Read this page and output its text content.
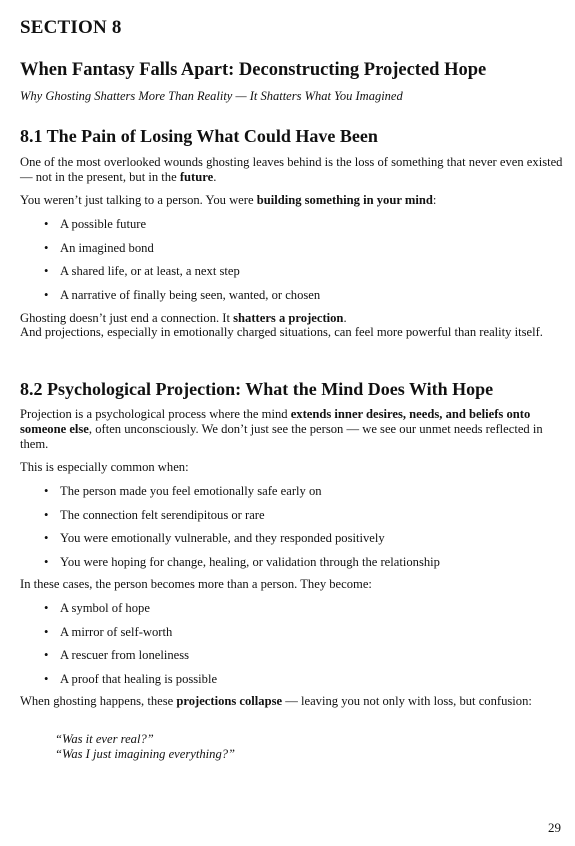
SECTION 8
When Fantasy Falls Apart: Deconstructing Projected Hope
Why Ghosting Shatters More Than Reality — It Shatters What You Imagined
8.1 The Pain of Losing What Could Have Been
One of the most overlooked wounds ghosting leaves behind is the loss of something that never even existed — not in the present, but in the future.
You weren’t just talking to a person. You were building something in your mind:
• A possible future
• An imagined bond
• A shared life, or at least, a next step
• A narrative of finally being seen, wanted, or chosen
Ghosting doesn’t just end a connection. It shatters a projection.
And projections, especially in emotionally charged situations, can feel more powerful than reality itself.
8.2 Psychological Projection: What the Mind Does With Hope
Projection is a psychological process where the mind extends inner desires, needs, and beliefs onto someone else, often unconsciously. We don’t just see the person — we see our unmet needs reflected in them.
This is especially common when:
• The person made you feel emotionally safe early on
• The connection felt serendipitous or rare
• You were emotionally vulnerable, and they responded positively
• You were hoping for change, healing, or validation through the relationship
In these cases, the person becomes more than a person. They become:
• A symbol of hope
• A mirror of self-worth
• A rescuer from loneliness
• A proof that healing is possible
When ghosting happens, these projections collapse — leaving you not only with loss, but confusion:
“Was it ever real?”
“Was I just imagining everything?”
29
